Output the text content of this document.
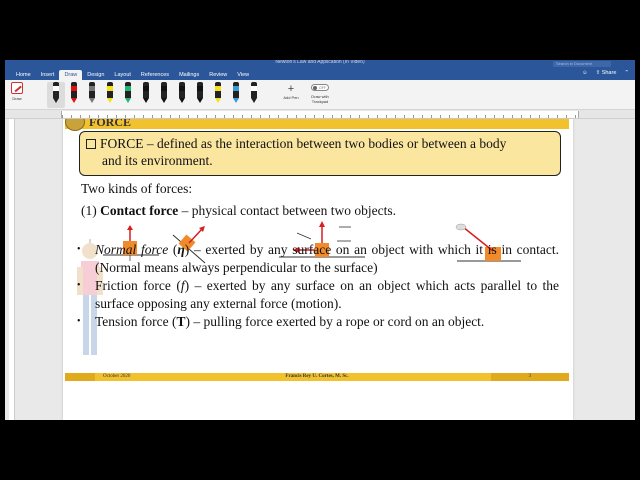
Newton's Law and Application (In Video)	Search in Document
Home	Insert	Draw	Design	Layout	References	Mailings	Review	View	☺ ⇧ Share ⌃
Draw
+
Add Pen
OFF
Draw with Trackpad
FORCE
FORCE – defined as the interaction between two bodies or between a body
and its environment.
Two kinds of forces:
(1) Contact force – physical contact between two objects.
•	Normal force (η) – exerted by any surface on an object with which it is in contact. (Normal means always perpendicular to the surface)
•	Friction force (f) – exerted by any surface on an object which acts parallel to the surface opposing any external force (motion).
•	Tension force (T) – pulling force exerted by a rope or cord on an object.
October 2020	Francis Rey U. Cortes, M. Sc.	3
